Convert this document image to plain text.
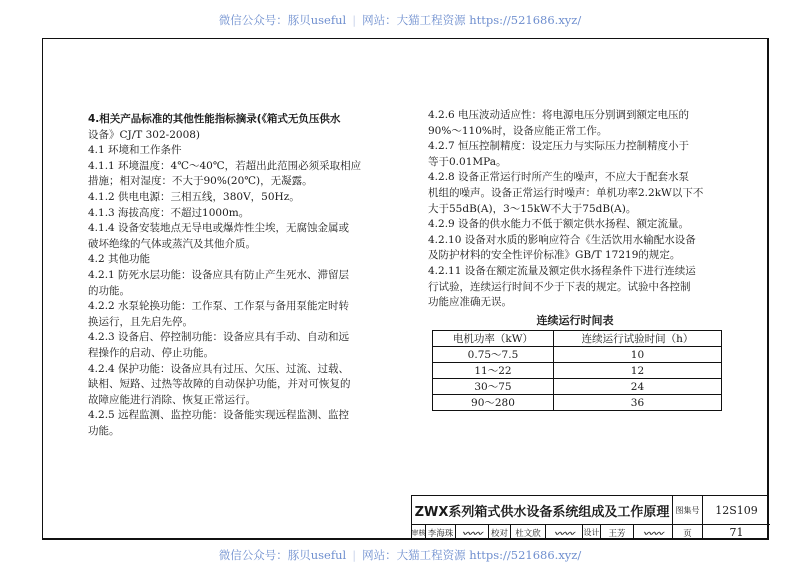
微信公众号：豚贝useful | 网站：大猫工程资源 https://521686.xyz/
4.相关产品标准的其他性能指标摘录(《箱式无负压供水
设备》CJ/T 302-2008)
4.1 环境和工作条件
4.1.1 环境温度：4℃～40℃，若超出此范围必须采取相应
措施；相对湿度：不大于90%(20℃)，无凝露。
4.1.2 供电电源：三相五线，380V，50Hz。
4.1.3 海拔高度：不超过1000m。
4.1.4 设备安装地点无导电或爆炸性尘埃，无腐蚀金属或
破坏绝缘的气体或蒸汽及其他介质。
4.2 其他功能
4.2.1 防死水层功能：设备应具有防止产生死水、滞留层
的功能。
4.2.2 水泵轮换功能：工作泵、工作泵与备用泵能定时转
换运行，且先启先停。
4.2.3 设备启、停控制功能：设备应具有手动、自动和远
程操作的启动、停止功能。
4.2.4 保护功能：设备应具有过压、欠压、过流、过载、
缺相、短路、过热等故障的自动保护功能，并对可恢复的
故障应能进行消除、恢复正常运行。
4.2.5 远程监测、监控功能：设备能实现远程监测、监控
功能。
4.2.6 电压波动适应性：将电源电压分别调到额定电压的
90%～110%时，设备应能正常工作。
4.2.7 恒压控制精度：设定压力与实际压力控制精度小于
等于0.01MPa。
4.2.8 设备正常运行时所产生的噪声，不应大于配套水泵
机组的噪声。设备正常运行时噪声：单机功率2.2kW以下不
大于55dB(A)，3～15kW不大于75dB(A)。
4.2.9 设备的供水能力不低于额定供水扬程、额定流量。
4.2.10 设备对水质的影响应符合《生活饮用水输配水设备
及防护材料的安全性评价标准》GB/T 17219的规定。
4.2.11 设备在额定流量及额定供水扬程条件下进行连续运
行试验，连续运行时间不少于下表的规定。试验中各控制
功能应准确无误。
连续运行时间表
电机功率（kW）	连续运行试验时间（h）
0.75～7.5	10
11～22	12
30～75	24
90～280	36
ZWX系列箱式供水设备系统组成及工作原理 图集号	12S109
审核 李海珠 〰〰	校对 杜文欣	〰〰	设计	王芳	〰〰	页	71
微信公众号：豚贝useful | 网站：大猫工程资源 https://521686.xyz/
